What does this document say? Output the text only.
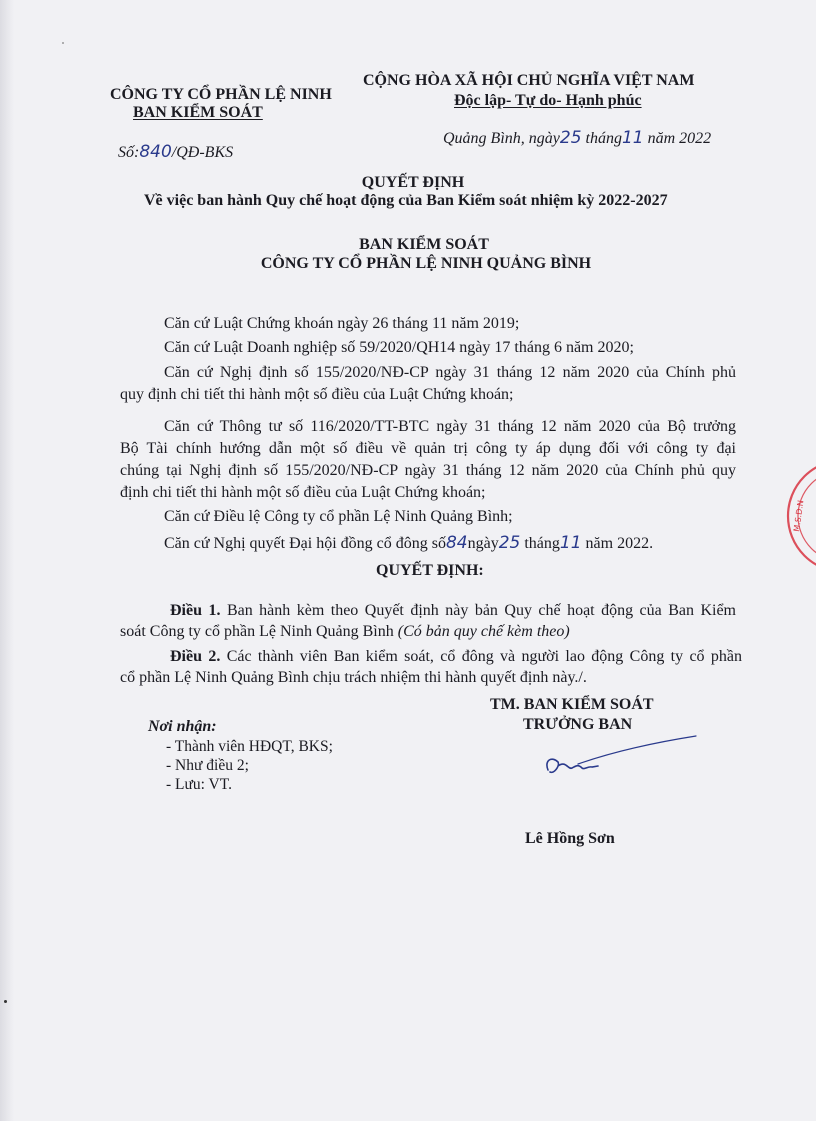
CÔNG TY CỔ PHẦN LỆ NINH
BAN KIỂM SOÁT
Số:840/QĐ-BKS
CỘNG HÒA XÃ HỘI CHỦ NGHĨA VIỆT NAM
Độc lập- Tự do- Hạnh phúc
Quảng Bình, ngày25 tháng11 năm 2022
QUYẾT ĐỊNH
Về việc ban hành Quy chế hoạt động của Ban Kiểm soát nhiệm kỳ 2022-2027
BAN KIỂM SOÁT
CÔNG TY CỔ PHẦN LỆ NINH QUẢNG BÌNH
Căn cứ Luật Chứng khoán ngày 26 tháng 11 năm 2019;
Căn cứ Luật Doanh nghiệp số 59/2020/QH14 ngày 17 tháng 6 năm 2020;
Căn cứ Nghị định số 155/2020/NĐ-CP ngày 31 tháng 12 năm 2020 của Chính phủ
quy định chi tiết thi hành một số điều của Luật Chứng khoán;
Căn cứ Thông tư số 116/2020/TT-BTC ngày 31 tháng 12 năm 2020 của Bộ trưởng
Bộ Tài chính hướng dẫn một số điều về quản trị công ty áp dụng đối với công ty đại
chúng tại Nghị định số 155/2020/NĐ-CP ngày 31 tháng 12 năm 2020 của Chính phủ quy
định chi tiết thi hành một số điều của Luật Chứng khoán;
Căn cứ Điều lệ Công ty cổ phần Lệ Ninh Quảng Bình;
Căn cứ Nghị quyết Đại hội đồng cổ đông số84ngày25 tháng11 năm 2022.
QUYẾT ĐỊNH:
Điều 1. Ban hành kèm theo Quyết định này bản Quy chế hoạt động của Ban Kiểm
soát Công ty cổ phần Lệ Ninh Quảng Bình (Có bản quy chế kèm theo)
Điều 2. Các thành viên Ban kiểm soát, cổ đông và người lao động Công ty cổ phần
cổ phần Lệ Ninh Quảng Bình chịu trách nhiệm thi hành quyết định này./.
TM. BAN KIỂM SOÁT
TRƯỞNG BAN
Lê Hồng Sơn
Nơi nhận:
- Thành viên HĐQT, BKS;
- Như điều 2;
- Lưu: VT.
M.S.D.N
